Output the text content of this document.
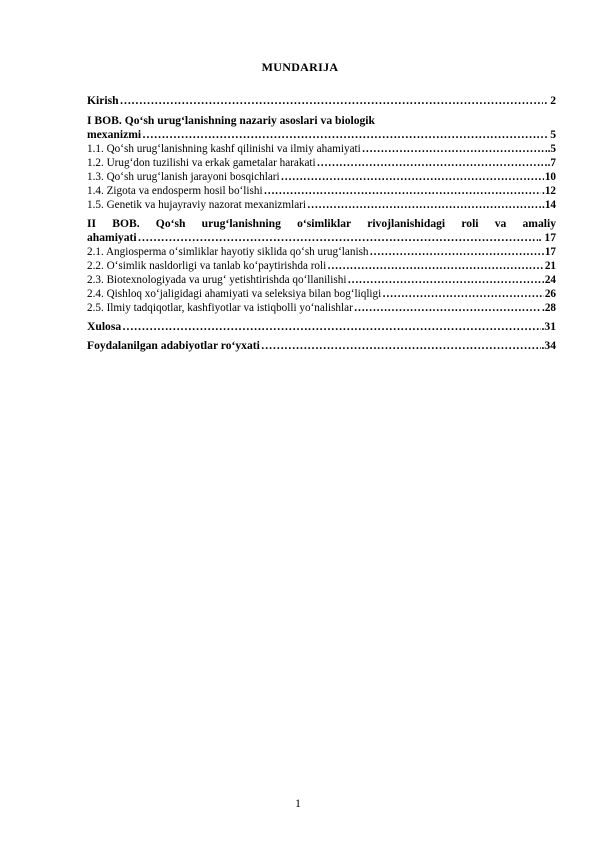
MUNDARIJA
Kirish ……………………………………………………………………………………………………………………………………………………………………	. 2
I BOB. Qo‘sh urug‘lanishning nazariy asoslari va biologik
mexanizmi ……………………………………………………………………………………………………………………………………………………………………	5
1.1. Qo‘sh urug‘lanishning kashf qilinishi va ilmiy ahamiyati ……………………………………………………………………………………………………………………………………………………………………	.5
1.2. Urug‘don tuzilishi va erkak gametalar harakati ……………………………………………………………………………………………………………………………………………………………………	.7
1.3. Qo‘sh urug‘lanish jarayoni bosqichlari ……………………………………………………………………………………………………………………………………………………………………	10
1.4. Zigota va endosperm hosil bo‘lishi ……………………………………………………………………………………………………………………………………………………………………	.12
1.5. Genetik va hujayraviy nazorat mexanizmlari ……………………………………………………………………………………………………………………………………………………………………	.14
II BOB. Qo‘sh urug‘lanishning o‘simliklar rivojlanishidagi roli va amaliy
ahamiyati ……………………………………………………………………………………………………………………………………………………………………	. 17
2.1. Angiosperma o‘simliklar hayotiy siklida qo‘sh urug‘lanish ……………………………………………………………………………………………………………………………………………………………………	17
2.2. O‘simlik nasldorligi va tanlab ko‘paytirishda roli ……………………………………………………………………………………………………………………………………………………………………	21
2.3. Biotexnologiyada va urug‘ yetishtirishda qo‘llanilishi ……………………………………………………………………………………………………………………………………………………………………	24
2.4. Qishloq xo‘jaligidagi ahamiyati va seleksiya bilan bog‘liqligi ……………………………………………………………………………………………………………………………………………………………………	26
2.5. Ilmiy tadqiqotlar, kashfiyotlar va istiqbolli yo‘nalishlar ……………………………………………………………………………………………………………………………………………………………………	.28
Xulosa ……………………………………………………………………………………………………………………………………………………………………	.31
Foydalanilgan adabiyotlar ro‘yxati ……………………………………………………………………………………………………………………………………………………………………	.34
1
